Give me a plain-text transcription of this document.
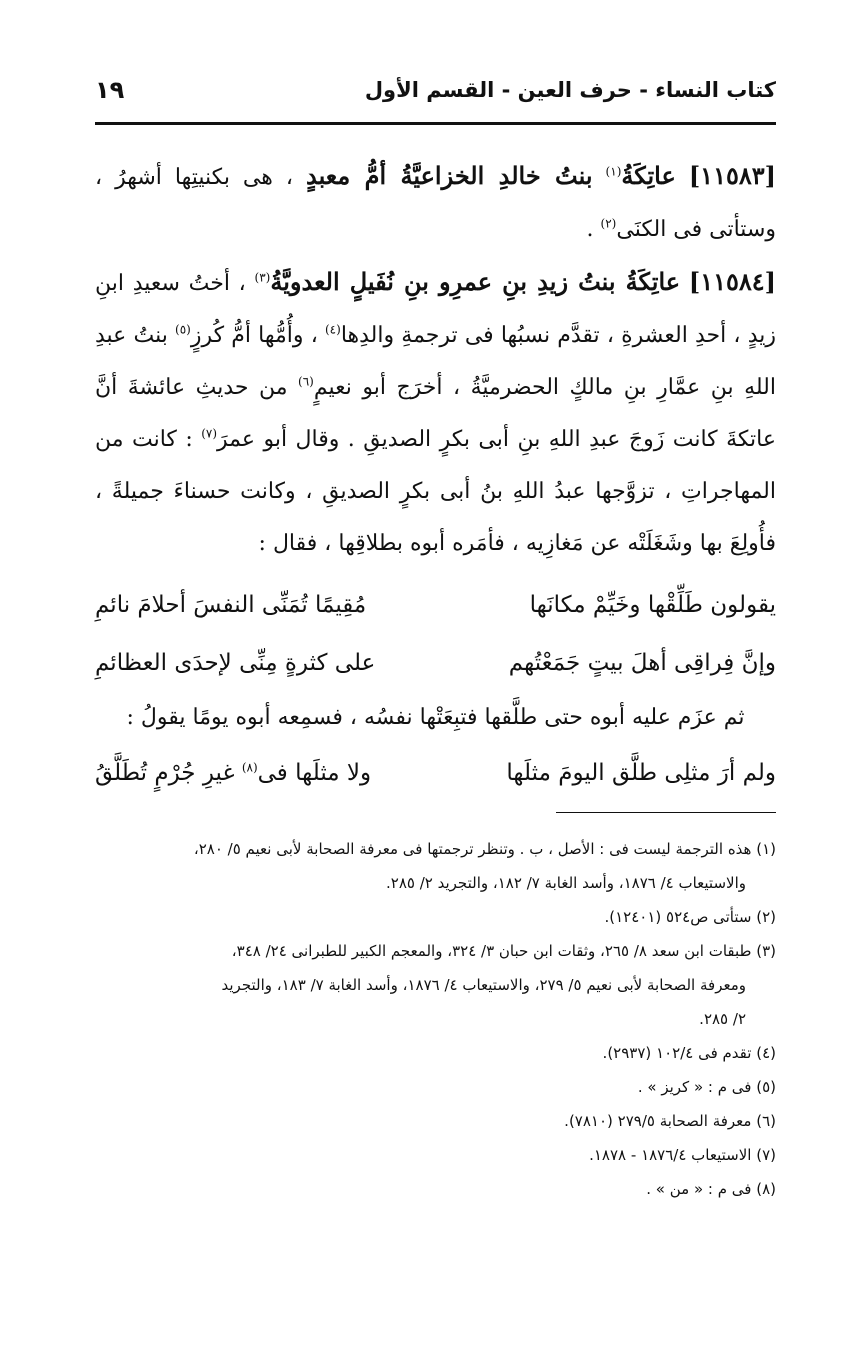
كتاب النساء - حرف العين - القسم الأول
١٩

[١١٥٨٣] عاتِكَةُ$^{(١)}$ بنتُ خالدِ الخزاعيَّةُ أمُّ معبدٍ ، هى بكنيتِها أشهرُ ، وستأتى فى الكنَى$^{(٢)}$ .

[١١٥٨٤] عاتِكَةُ بنتُ زيدِ بنِ عمرِو بنِ نُفَيلٍ العدويَّةُ$^{(٣)}$ ، أختُ سعيدِ ابنِ زيدٍ ، أحدِ العشرةِ ، تقدَّم نسبُها فى ترجمةِ والدِها$^{(٤)}$ ، وأُمُّها أمُّ كُرزٍ$^{(٥)}$ بنتُ عبدِ اللهِ بنِ عمَّارِ بنِ مالكٍ الحضرميَّةُ ، أخرَج أبو نعيمٍ$^{(٦)}$ من حديثِ عائشةَ أنَّ عاتكةَ كانت زَوجَ عبدِ اللهِ بنِ أبى بكرٍ الصديقِ . وقال أبو عمرَ$^{(٧)}$ : كانت من المهاجراتِ ، تزوَّجها عبدُ اللهِ بنُ أبى بكرٍ الصديقِ ، وكانت حسناءَ جميلةً ، فأُولِعَ بها وشَغَلَتْه عن مَغازِيه ، فأمَره أبوه بطلاقِها ، فقال :

يقولون طَلِّقْها وخَيِّمْ مكانَها
مُقِيمًا تُمَنِّى النفسَ أحلامَ نائمِ
وإنَّ فِراقِى أهلَ بيتٍ جَمَعْتُهم
على كثرةٍ مِنِّى لإحدَى العظائمِ
ثم عزَم عليه أبوه حتى طلَّقها فتبِعَتْها نفسُه ، فسمِعه أبوه يومًا يقولُ :
ولم أرَ مثلِى طلَّق اليومَ مثلَها
ولا مثلَها فى$^{(٨)}$ غيرِ جُرْمٍ تُطَلَّقُ

(١) هذه الترجمة ليست فى : الأصل ، ب . وتنظر ترجمتها فى معرفة الصحابة لأبى نعيم ٥/ ٢٨٠،

والاستيعاب ٤/ ١٨٧٦، وأسد الغابة ٧/ ١٨٢، والتجريد ٢/ ٢٨٥.

(٢) ستأتى ص٥٢٤ (١٢٤٠١).

(٣) طبقات ابن سعد ٨/ ٢٦٥، وثقات ابن حبان ٣/ ٣٢٤، والمعجم الكبير للطبرانى ٢٤/ ٣٤٨،

ومعرفة الصحابة لأبى نعيم ٥/ ٢٧٩، والاستيعاب ٤/ ١٨٧٦، وأسد الغابة ٧/ ١٨٣، والتجريد

٢/ ٢٨٥.

(٤) تقدم فى ١٠٢/٤ (٢٩٣٧).

(٥) فى م : « كريز » .

(٦) معرفة الصحابة ٢٧٩/٥ (٧٨١٠).

(٧) الاستيعاب ١٨٧٦/٤ - ١٨٧٨.

(٨) فى م : « من » .
